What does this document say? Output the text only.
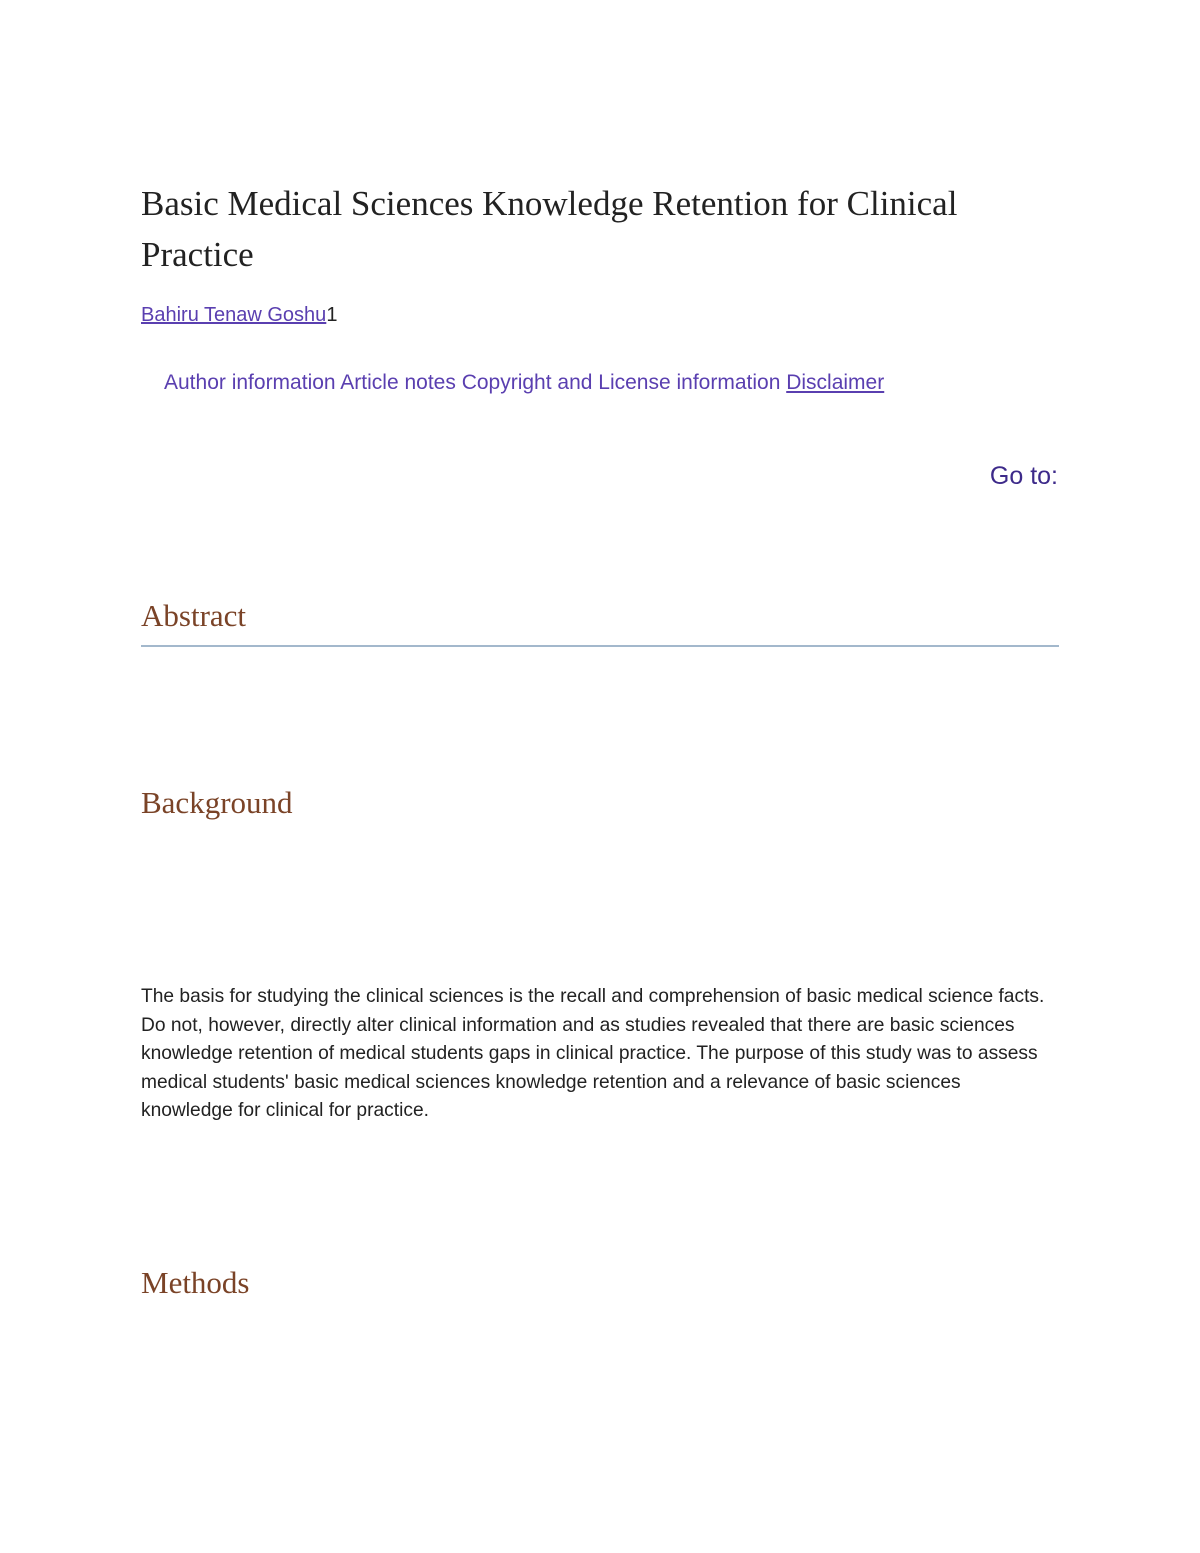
Basic Medical Sciences Knowledge Retention for Clinical Practice
Bahiru Tenaw Goshu1
Author information Article notes Copyright and License information Disclaimer
Go to:
Abstract
Background

The basis for studying the clinical sciences is the recall and comprehension of basic medical science facts. Do not, however, directly alter clinical information and as studies revealed that there are basic sciences knowledge retention of medical students gaps in clinical practice. The purpose of this study was to assess medical students' basic medical sciences knowledge retention and a relevance of basic sciences knowledge for clinical for practice.

Methods
